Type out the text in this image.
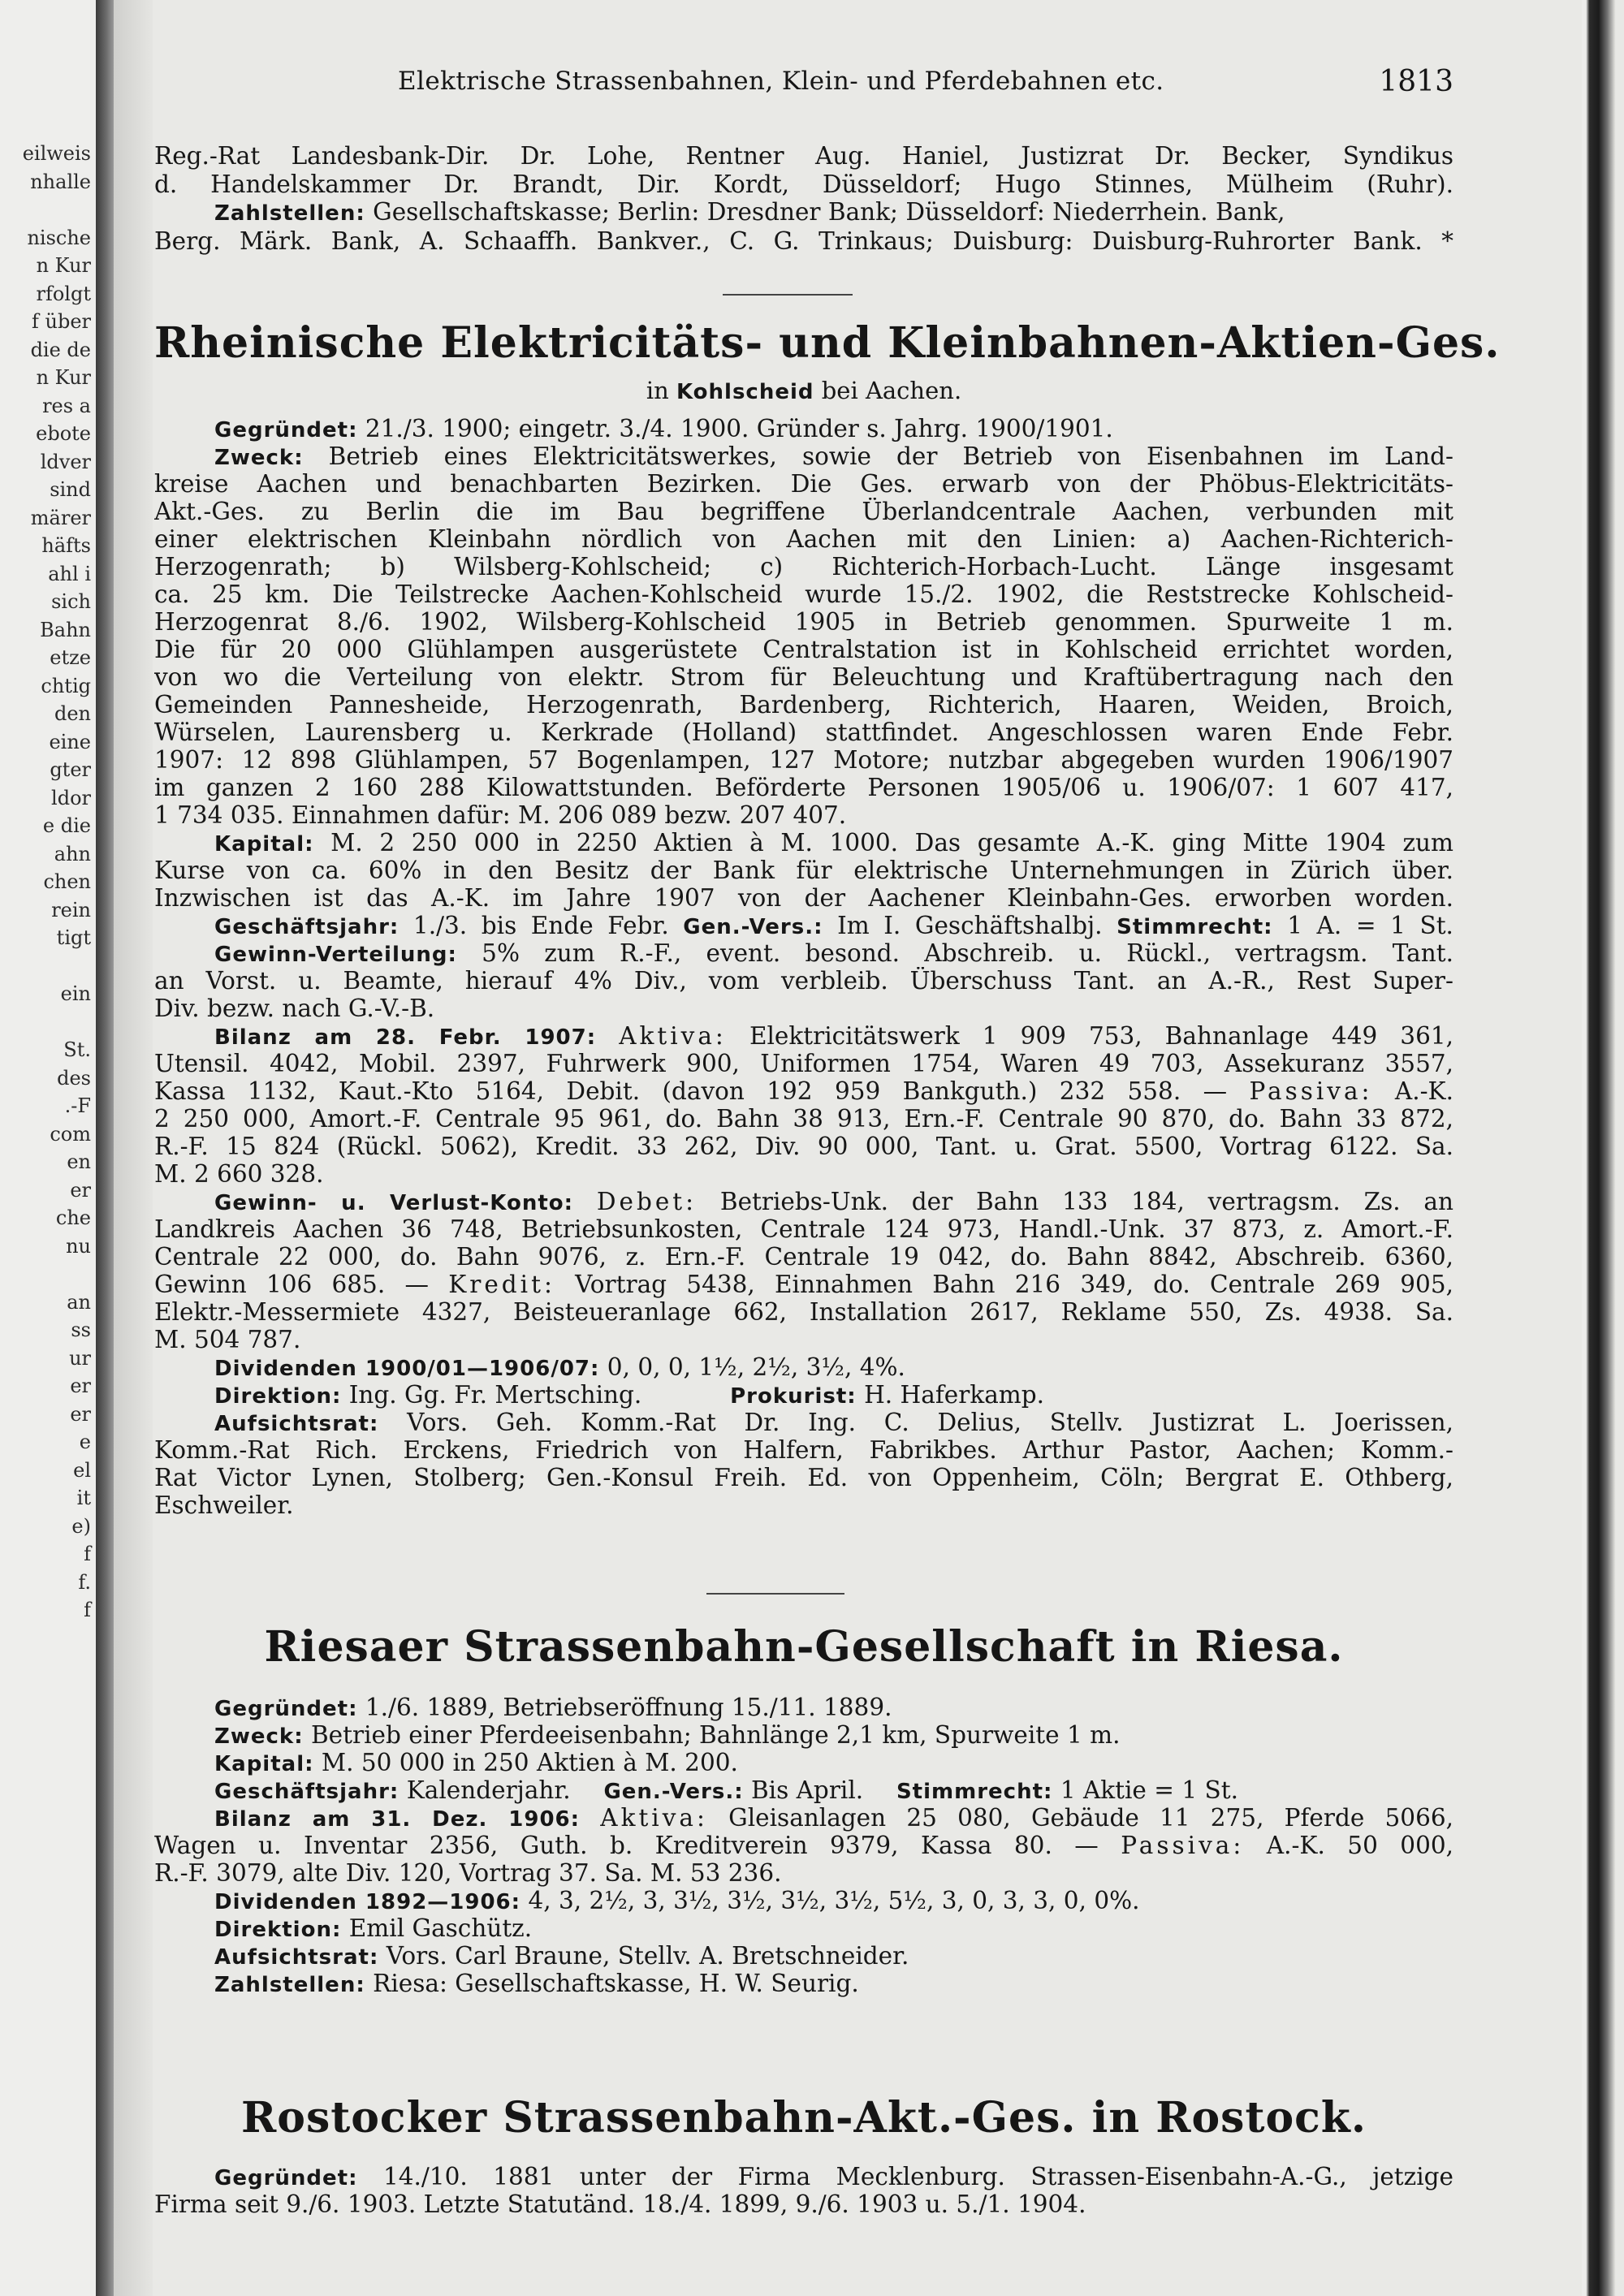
eilweis
nhalle
nische
n Kur
rfolgt
f über
die de
n Kur
res a
ebote
ldver
sind
märer
häfts
ahl i
sich
Bahn
etze
chtig
den
eine
gter
ldor
e die
ahn
chen
rein
tigt
ein
St.
des
.-F
com
en
er
che
nu
an
ss
ur
er
er
e
el
it
e)
f
f.
f
Elektrische Strassenbahnen, Klein- und Pferdebahnen etc.	1813
Reg.-Rat Landesbank-Dir. Dr. Lohe, Rentner Aug. Haniel, Justizrat Dr. Becker, Syndikus
d. Handelskammer Dr. Brandt, Dir. Kordt, Düsseldorf; Hugo Stinnes, Mülheim (Ruhr).
Zahlstellen: Gesellschaftskasse; Berlin: Dresdner Bank; Düsseldorf: Niederrhein. Bank,
Berg. Märk. Bank, A. Schaaffh. Bankver., C. G. Trinkaus; Duisburg: Duisburg-Ruhrorter Bank. *
Rheinische Elektricitäts- und Kleinbahnen-Aktien-Ges.
in Kohlscheid bei Aachen.
Gegründet: 21./3. 1900; eingetr. 3./4. 1900. Gründer s. Jahrg. 1900/1901.
Zweck: Betrieb eines Elektricitätswerkes, sowie der Betrieb von Eisenbahnen im Land-
kreise Aachen und benachbarten Bezirken. Die Ges. erwarb von der Phöbus-Elektricitäts-
Akt.-Ges. zu Berlin die im Bau begriffene Überlandcentrale Aachen, verbunden mit
einer elektrischen Kleinbahn nördlich von Aachen mit den Linien: a) Aachen-Richterich-
Herzogenrath; b) Wilsberg-Kohlscheid; c) Richterich-Horbach-Lucht. Länge insgesamt
ca. 25 km. Die Teilstrecke Aachen-Kohlscheid wurde 15./2. 1902, die Reststrecke Kohlscheid-
Herzogenrat 8./6. 1902, Wilsberg-Kohlscheid 1905 in Betrieb genommen. Spurweite 1 m.
Die für 20 000 Glühlampen ausgerüstete Centralstation ist in Kohlscheid errichtet worden,
von wo die Verteilung von elektr. Strom für Beleuchtung und Kraftübertragung nach den
Gemeinden Pannesheide, Herzogenrath, Bardenberg, Richterich, Haaren, Weiden, Broich,
Würselen, Laurensberg u. Kerkrade (Holland) stattfindet. Angeschlossen waren Ende Febr.
1907: 12 898 Glühlampen, 57 Bogenlampen, 127 Motore; nutzbar abgegeben wurden 1906/1907
im ganzen 2 160 288 Kilowattstunden. Beförderte Personen 1905/06 u. 1906/07: 1 607 417,
1 734 035. Einnahmen dafür: M. 206 089 bezw. 207 407.
Kapital: M. 2 250 000 in 2250 Aktien à M. 1000. Das gesamte A.-K. ging Mitte 1904 zum
Kurse von ca. 60% in den Besitz der Bank für elektrische Unternehmungen in Zürich über.
Inzwischen ist das A.-K. im Jahre 1907 von der Aachener Kleinbahn-Ges. erworben worden.
Geschäftsjahr: 1./3. bis Ende Febr. Gen.-Vers.: Im I. Geschäftshalbj. Stimmrecht: 1 A. = 1 St.
Gewinn-Verteilung: 5% zum R.-F., event. besond. Abschreib. u. Rückl., vertragsm. Tant.
an Vorst. u. Beamte, hierauf 4% Div., vom verbleib. Überschuss Tant. an A.-R., Rest Super-
Div. bezw. nach G.-V.-B.
Bilanz am 28. Febr. 1907: Aktiva: Elektricitätswerk 1 909 753, Bahnanlage 449 361,
Utensil. 4042, Mobil. 2397, Fuhrwerk 900, Uniformen 1754, Waren 49 703, Assekuranz 3557,
Kassa 1132, Kaut.-Kto 5164, Debit. (davon 192 959 Bankguth.) 232 558. — Passiva: A.-K.
2 250 000, Amort.-F. Centrale 95 961, do. Bahn 38 913, Ern.-F. Centrale 90 870, do. Bahn 33 872,
R.-F. 15 824 (Rückl. 5062), Kredit. 33 262, Div. 90 000, Tant. u. Grat. 5500, Vortrag 6122. Sa.
M. 2 660 328.
Gewinn- u. Verlust-Konto: Debet: Betriebs-Unk. der Bahn 133 184, vertragsm. Zs. an
Landkreis Aachen 36 748, Betriebsunkosten, Centrale 124 973, Handl.-Unk. 37 873, z. Amort.-F.
Centrale 22 000, do. Bahn 9076, z. Ern.-F. Centrale 19 042, do. Bahn 8842, Abschreib. 6360,
Gewinn 106 685. — Kredit: Vortrag 5438, Einnahmen Bahn 216 349, do. Centrale 269 905,
Elektr.-Messermiete 4327, Beisteueranlage 662, Installation 2617, Reklame 550, Zs. 4938. Sa.
M. 504 787.
Dividenden 1900/01—1906/07: 0, 0, 0, 1½, 2½, 3½, 4%.
Direktion: Ing. Gg. Fr. Mertsching.	Prokurist: H. Haferkamp.
Aufsichtsrat: Vors. Geh. Komm.-Rat Dr. Ing. C. Delius, Stellv. Justizrat L. Joerissen,
Komm.-Rat Rich. Erckens, Friedrich von Halfern, Fabrikbes. Arthur Pastor, Aachen; Komm.-
Rat Victor Lynen, Stolberg; Gen.-Konsul Freih. Ed. von Oppenheim, Cöln; Bergrat E. Othberg,
Eschweiler.
Riesaer Strassenbahn-Gesellschaft in Riesa.
Gegründet: 1./6. 1889, Betriebseröffnung 15./11. 1889.
Zweck: Betrieb einer Pferdeeisenbahn; Bahnlänge 2,1 km, Spurweite 1 m.
Kapital: M. 50 000 in 250 Aktien à M. 200.
Geschäftsjahr: Kalenderjahr. Gen.-Vers.: Bis April. Stimmrecht: 1 Aktie = 1 St.
Bilanz am 31. Dez. 1906: Aktiva: Gleisanlagen 25 080, Gebäude 11 275, Pferde 5066,
Wagen u. Inventar 2356, Guth. b. Kreditverein 9379, Kassa 80. — Passiva: A.-K. 50 000,
R.-F. 3079, alte Div. 120, Vortrag 37. Sa. M. 53 236.
Dividenden 1892—1906: 4, 3, 2½, 3, 3½, 3½, 3½, 3½, 5½, 3, 0, 3, 3, 0, 0%.
Direktion: Emil Gaschütz.
Aufsichtsrat: Vors. Carl Braune, Stellv. A. Bretschneider.
Zahlstellen: Riesa: Gesellschaftskasse, H. W. Seurig.
Rostocker Strassenbahn-Akt.-Ges. in Rostock.
Gegründet: 14./10. 1881 unter der Firma Mecklenburg. Strassen-Eisenbahn-A.-G., jetzige
Firma seit 9./6. 1903. Letzte Statutänd. 18./4. 1899, 9./6. 1903 u. 5./1. 1904.
